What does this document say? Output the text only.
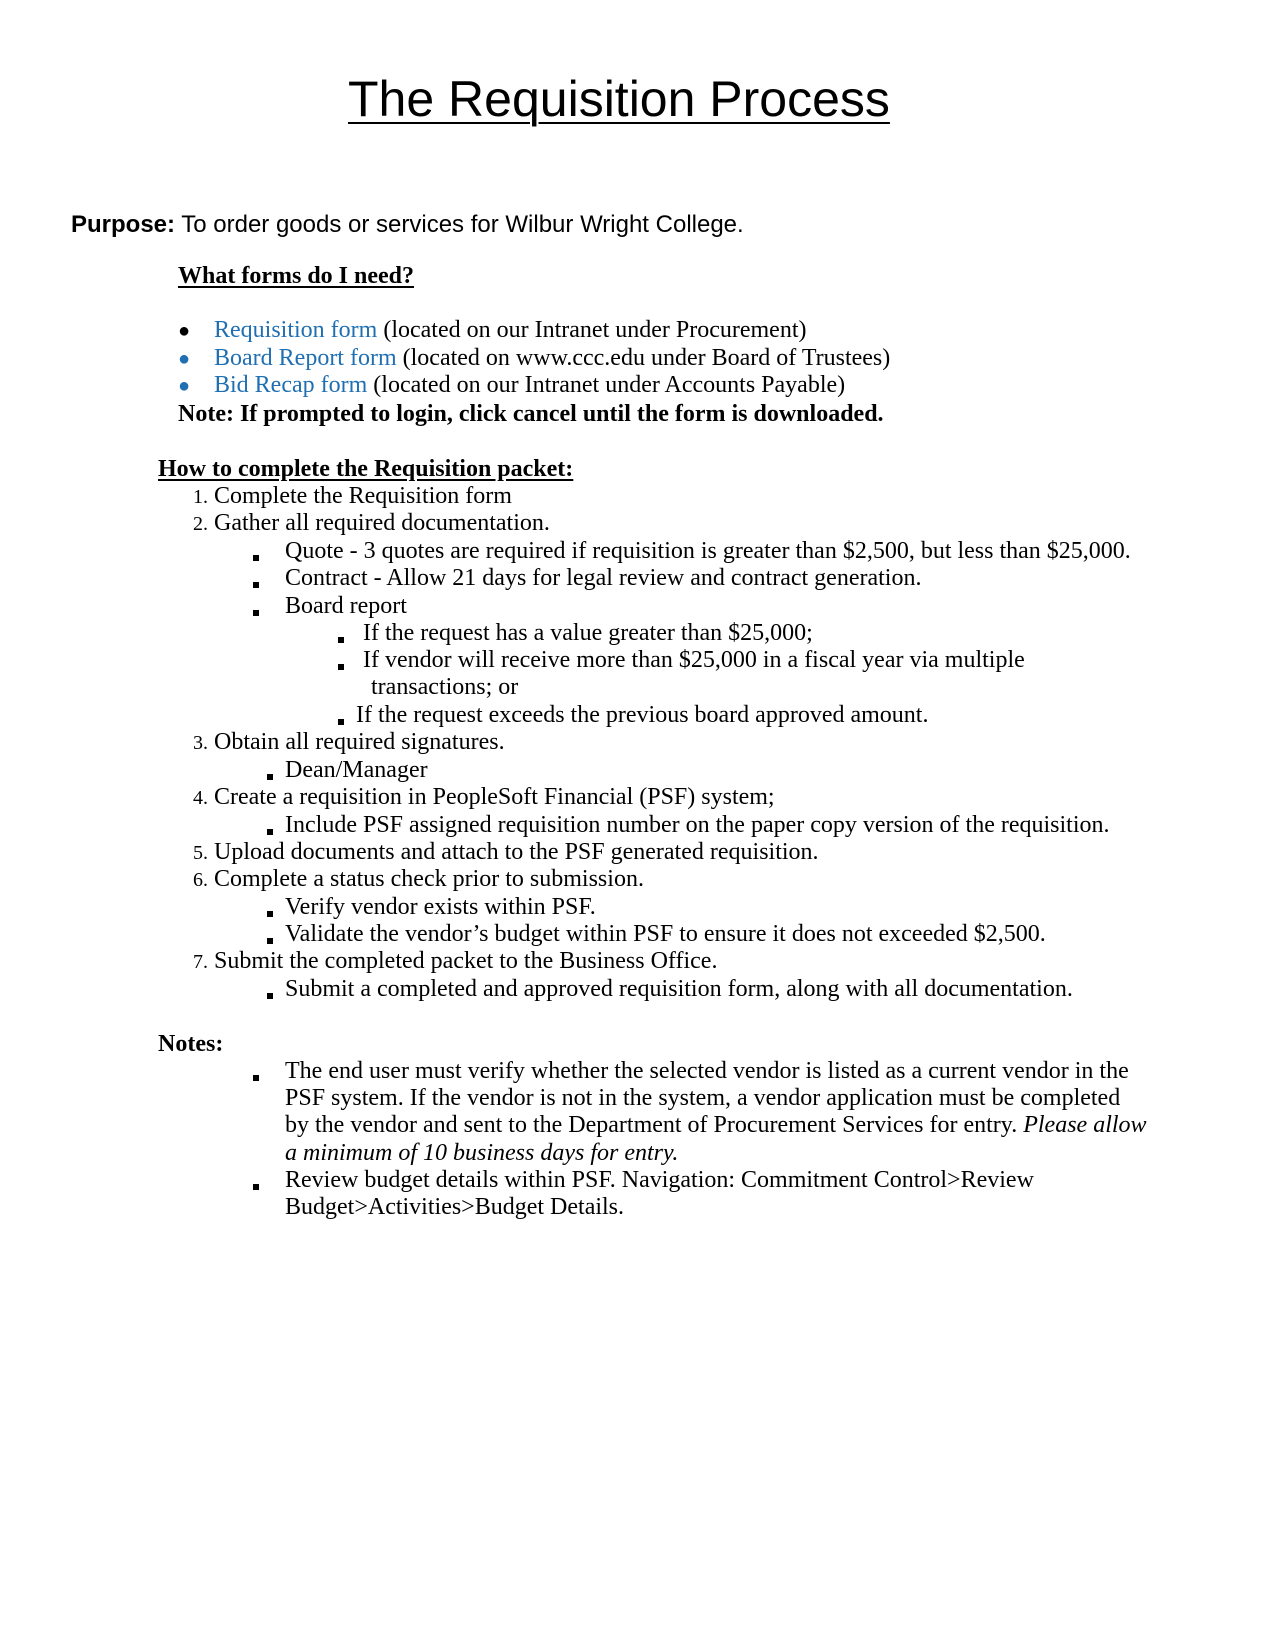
The Requisition Process
Purpose: To order goods or services for Wilbur Wright College.
What forms do I need?
● Requisition form (located on our Intranet under Procurement)
● Board Report form (located on www.ccc.edu under Board of Trustees)
● Bid Recap form (located on our Intranet under Accounts Payable)
Note: If prompted to login, click cancel until the form is downloaded.
How to complete the Requisition packet:
1. Complete the Requisition form
2. Gather all required documentation.
Quote - 3 quotes are required if requisition is greater than $2,500, but less than $25,000.
Contract - Allow 21 days for legal review and contract generation.
Board report
If the request has a value greater than $25,000;
If vendor will receive more than $25,000 in a fiscal year via multiple
transactions; or
If the request exceeds the previous board approved amount.
3. Obtain all required signatures.
Dean/Manager
4. Create a requisition in PeopleSoft Financial (PSF) system;
Include PSF assigned requisition number on the paper copy version of the requisition.
5. Upload documents and attach to the PSF generated requisition.
6. Complete a status check prior to submission.
Verify vendor exists within PSF.
Validate the vendor’s budget within PSF to ensure it does not exceeded $2,500.
7. Submit the completed packet to the Business Office.
Submit a completed and approved requisition form, along with all documentation.
Notes:
The end user must verify whether the selected vendor is listed as a current vendor in the
PSF system. If the vendor is not in the system, a vendor application must be completed
by the vendor and sent to the Department of Procurement Services for entry. Please allow
a minimum of 10 business days for entry.
Review budget details within PSF. Navigation: Commitment Control>Review
Budget>Activities>Budget Details.
